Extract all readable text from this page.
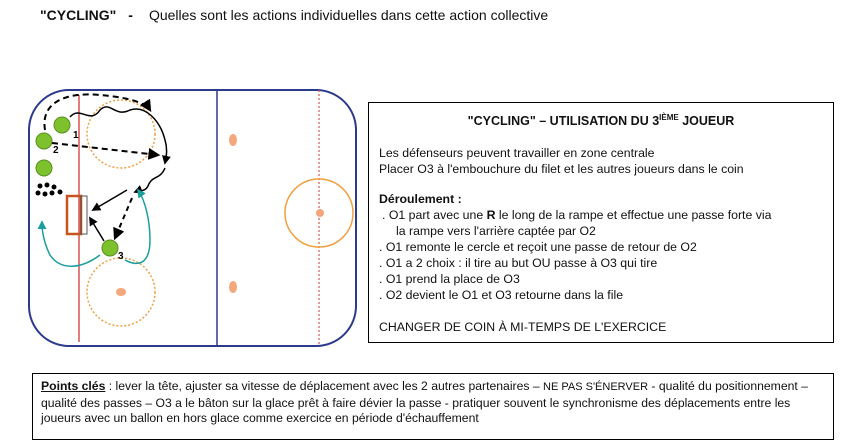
"CYCLING" - Quelles sont les actions individuelles dans cette action collective
1
2
3
"CYCLING" – UTILISATION DU 3IÈME JOUEUR
Les défenseurs peuvent travailler en zone centrale
Placer O3 à l'embouchure du filet et les autres joueurs dans le coin
Déroulement :
. O1 part avec une R le long de la rampe et effectue une passe forte via
la rampe vers l'arrière captée par O2
. O1 remonte le cercle et reçoit une passe de retour de O2
. O1 a 2 choix : il tire au but OU passe à O3 qui tire
. O1 prend la place de O3
. O2 devient le O1 et O3 retourne dans la file
CHANGER DE COIN À MI-TEMPS DE L'EXERCICE
Points clés : lever la tête, ajuster sa vitesse de déplacement avec les 2 autres partenaires – NE PAS S'ÉNERVER - qualité du positionnement – qualité des passes – O3 a le bâton sur la glace prêt à faire dévier la passe - pratiquer souvent le synchronisme des déplacements entre les joueurs avec un ballon en hors glace comme exercice en période d'échauffement
